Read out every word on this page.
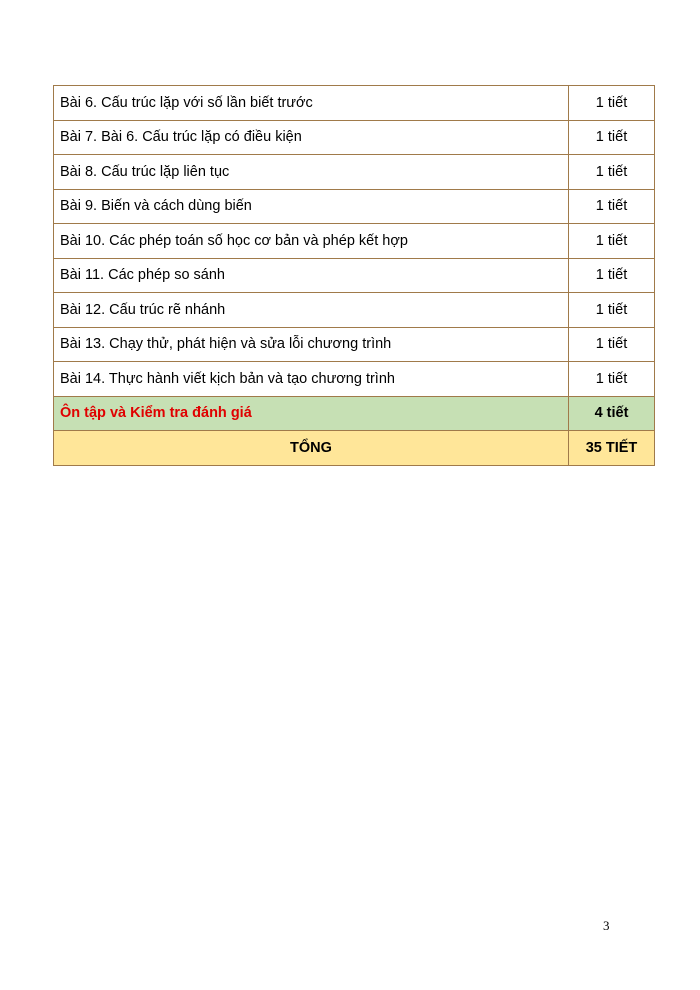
Bài 6. Cấu trúc lặp với số lần biết trước	1 tiết
Bài 7. Bài 6. Cấu trúc lặp có điều kiện	1 tiết
Bài 8. Cấu trúc lặp liên tục	1 tiết
Bài 9. Biến và cách dùng biến	1 tiết
Bài 10. Các phép toán số học cơ bản và phép kết hợp	1 tiết
Bài 11. Các phép so sánh	1 tiết
Bài 12. Cấu trúc rẽ nhánh	1 tiết
Bài 13. Chạy thử, phát hiện và sửa lỗi chương trình	1 tiết
Bài 14. Thực hành viết kịch bản và tạo chương trình	1 tiết
Ôn tập và Kiểm tra đánh giá	4 tiết
TỔNG	35 TIẾT
3
